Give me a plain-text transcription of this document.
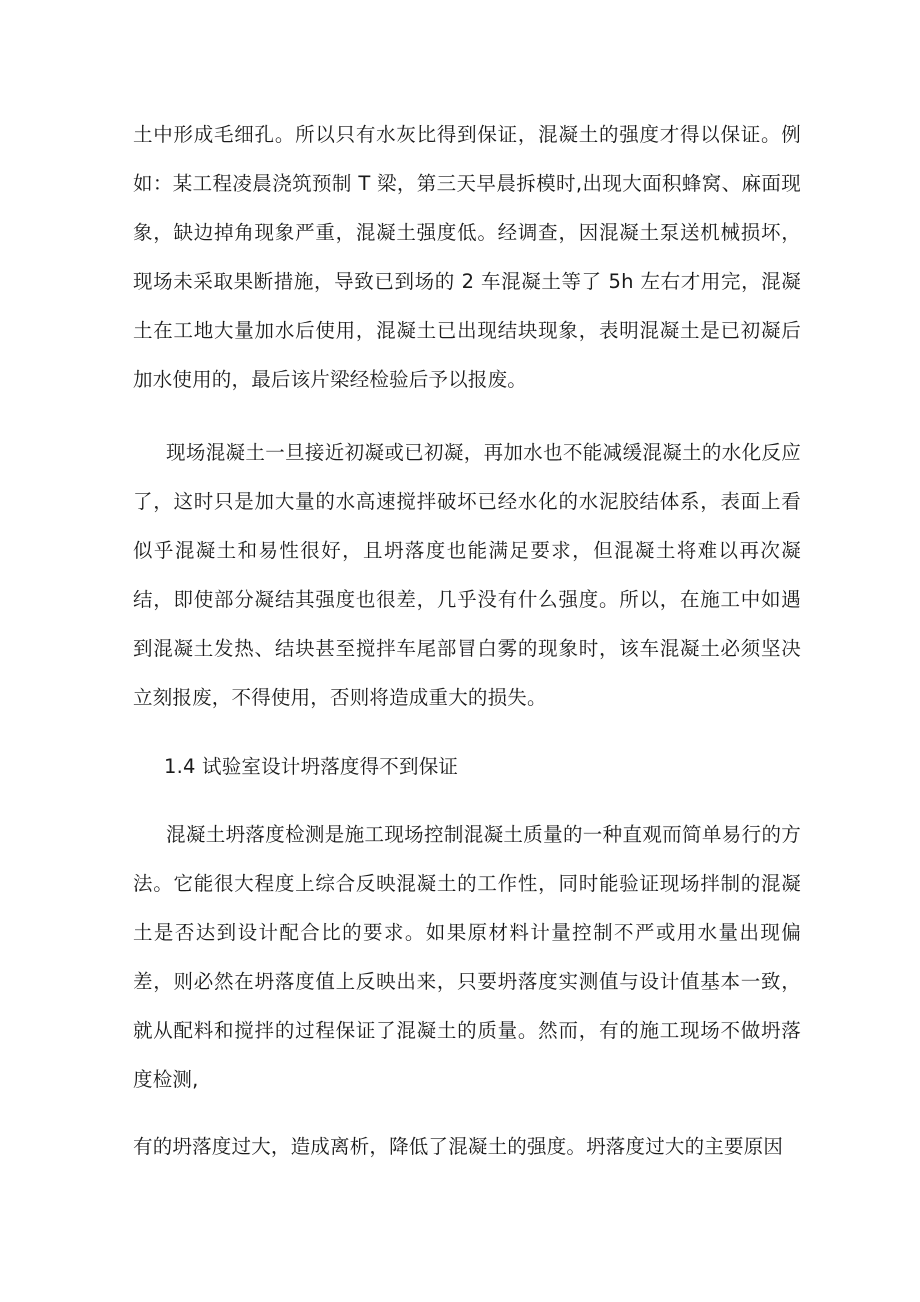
土中形成毛细孔。所以只有水灰比得到保证，混凝土的强度才得以保证。例如：某工程凌晨浇筑预制 T 梁，第三天早晨拆模时,出现大面积蜂窝、麻面现象，缺边掉角现象严重，混凝土强度低。经调查，因混凝土泵送机械损坏，现场未采取果断措施，导致已到场的 2 车混凝土等了 5h 左右才用完，混凝土在工地大量加水后使用，混凝土已出现结块现象，表明混凝土是已初凝后加水使用的，最后该片梁经检验后予以报废。

现场混凝土一旦接近初凝或已初凝，再加水也不能减缓混凝土的水化反应了，这时只是加大量的水高速搅拌破坏已经水化的水泥胶结体系，表面上看似乎混凝土和易性很好，且坍落度也能满足要求，但混凝土将难以再次凝结，即使部分凝结其强度也很差，几乎没有什么强度。所以，在施工中如遇到混凝土发热、结块甚至搅拌车尾部冒白雾的现象时，该车混凝土必须坚决立刻报废，不得使用，否则将造成重大的损失。

1.4 试验室设计坍落度得不到保证

混凝土坍落度检测是施工现场控制混凝土质量的一种直观而简单易行的方法。它能很大程度上综合反映混凝土的工作性，同时能验证现场拌制的混凝土是否达到设计配合比的要求。如果原材料计量控制不严或用水量出现偏差，则必然在坍落度值上反映出来，只要坍落度实测值与设计值基本一致，就从配料和搅拌的过程保证了混凝土的质量。然而，有的施工现场不做坍落度检测,

有的坍落度过大，造成离析，降低了混凝土的强度。坍落度过大的主要原因
